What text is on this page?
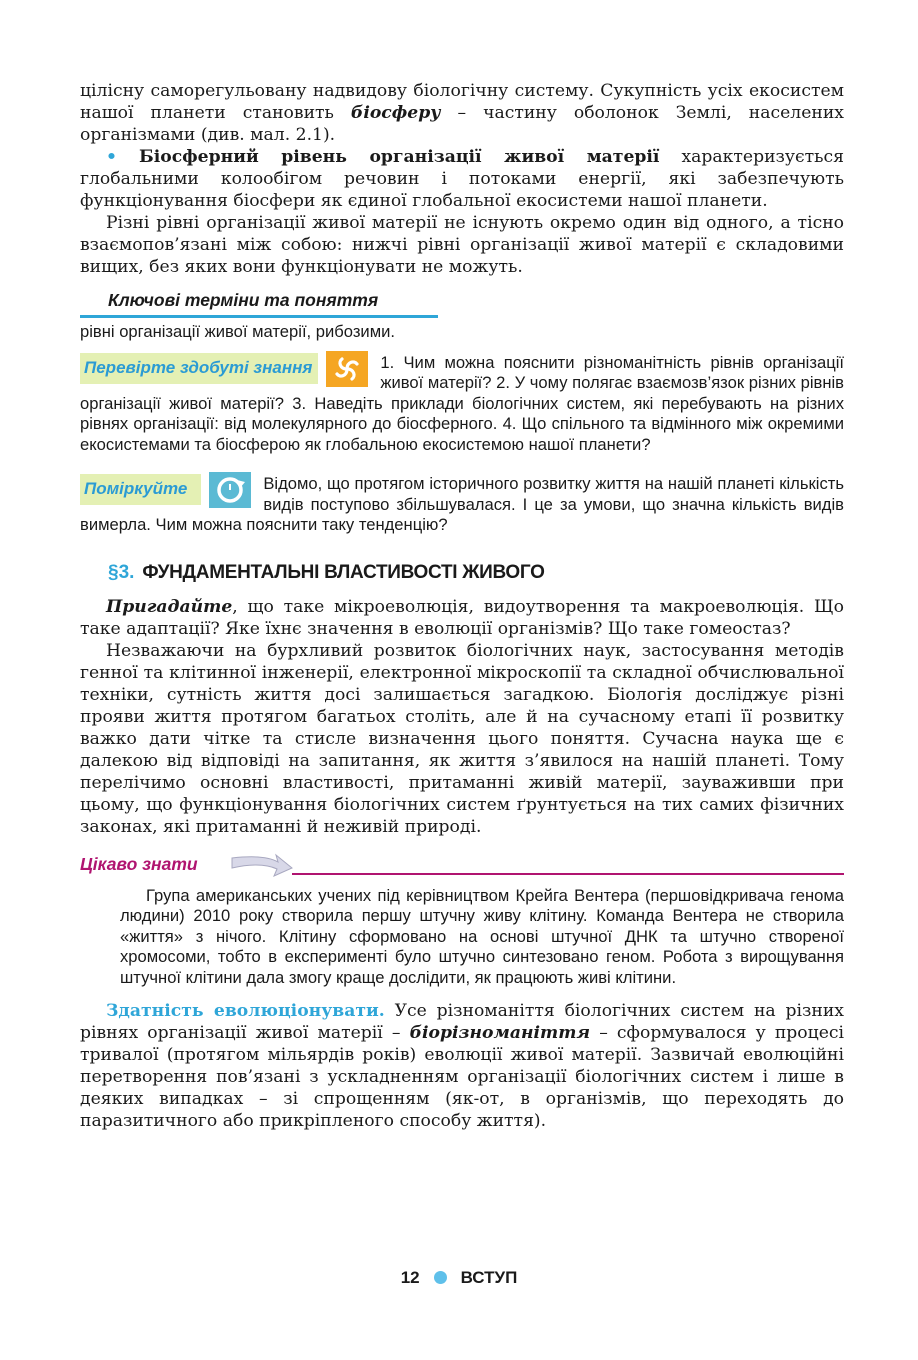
цілісну саморегульовану надвидову біологічну систему. Сукупність усіх екосистем нашої планети становить біосферу – частину оболонок Землі, населених організмами (див. мал. 2.1).

• Біосферний рівень організації живої матерії характеризується глобальними колообігом речовин і потоками енергії, які забезпечують функціонування біосфери як єдиної глобальної екосистеми нашої планети.

Різні рівні організації живої матерії не існують окремо один від одного, а тісно взаємопов’язані між собою: нижчі рівні організації живої матерії є складовими вищих, без яких вони функціонувати не можуть.

Ключові терміни та поняття

рівні організації живої матерії, рибозими.

Перевірте здобуті знання	1. Чим можна пояснити різноманітність рівнів організації живої матерії? 2. У чому полягає взаємозв’язок різних рівнів організації живої матерії? 3. Наведіть приклади біологічних систем, які перебувають на різних рівнях організації: від молекулярного до біосферного. 4. Що спільного та відмінного між окремими екосистемами та біосферою як глобальною екосистемою нашої планети?

Поміркуйте	Відомо, що протягом історичного розвитку життя на нашій планеті кількість видів поступово збільшувалася. І це за умови, що значна кількість видів вимерла. Чим можна пояснити таку тенденцію?

§3. ФУНДАМЕНТАЛЬНІ ВЛАСТИВОСТІ ЖИВОГО

Пригадайте, що таке мікроеволюція, видоутворення та макроеволюція. Що таке адаптації? Яке їхнє значення в еволюції організмів? Що таке гомеостаз?

Незважаючи на бурхливий розвиток біологічних наук, застосування методів генної та клітинної інженерії, електронної мікроскопії та складної обчислювальної техніки, сутність життя досі залишається загадкою. Біологія досліджує різні прояви життя протягом багатьох століть, але й на сучасному етапі її розвитку важко дати чітке та стисле визначення цього поняття. Сучасна наука ще є далекою від відповіді на запитання, як життя з’явилося на нашій планеті. Тому перелічимо основні властивості, притаманні живій матерії, зауваживши при цьому, що функціонування біологічних систем ґрунтується на тих самих фізичних законах, які притаманні й неживій природі.

Цікаво знати

Група американських учених під керівництвом Крейга Вентера (першовідкривача генома людини) 2010 року створила першу штучну живу клітину. Команда Вентера не створила «життя» з нічого. Клітину сформовано на основі штучної ДНК та штучно створеної хромосоми, тобто в експерименті було штучно синтезовано геном. Робота з вирощування штучної клітини дала змогу краще дослідити, як працюють живі клітини.

Здатність еволюціонувати. Усе різноманіття біологічних систем на різних рівнях організації живої матерії – біорізноманіття – сформувалося у процесі тривалої (протягом мільярдів років) еволюції живої матерії. Зазвичай еволюційні перетворення пов’язані з ускладненням організації біологічних систем і лише в деяких випадках – зі спрощенням (як-от, в організмів, що переходять до паразитичного або прикріпленого способу життя).

12 ВСТУП
